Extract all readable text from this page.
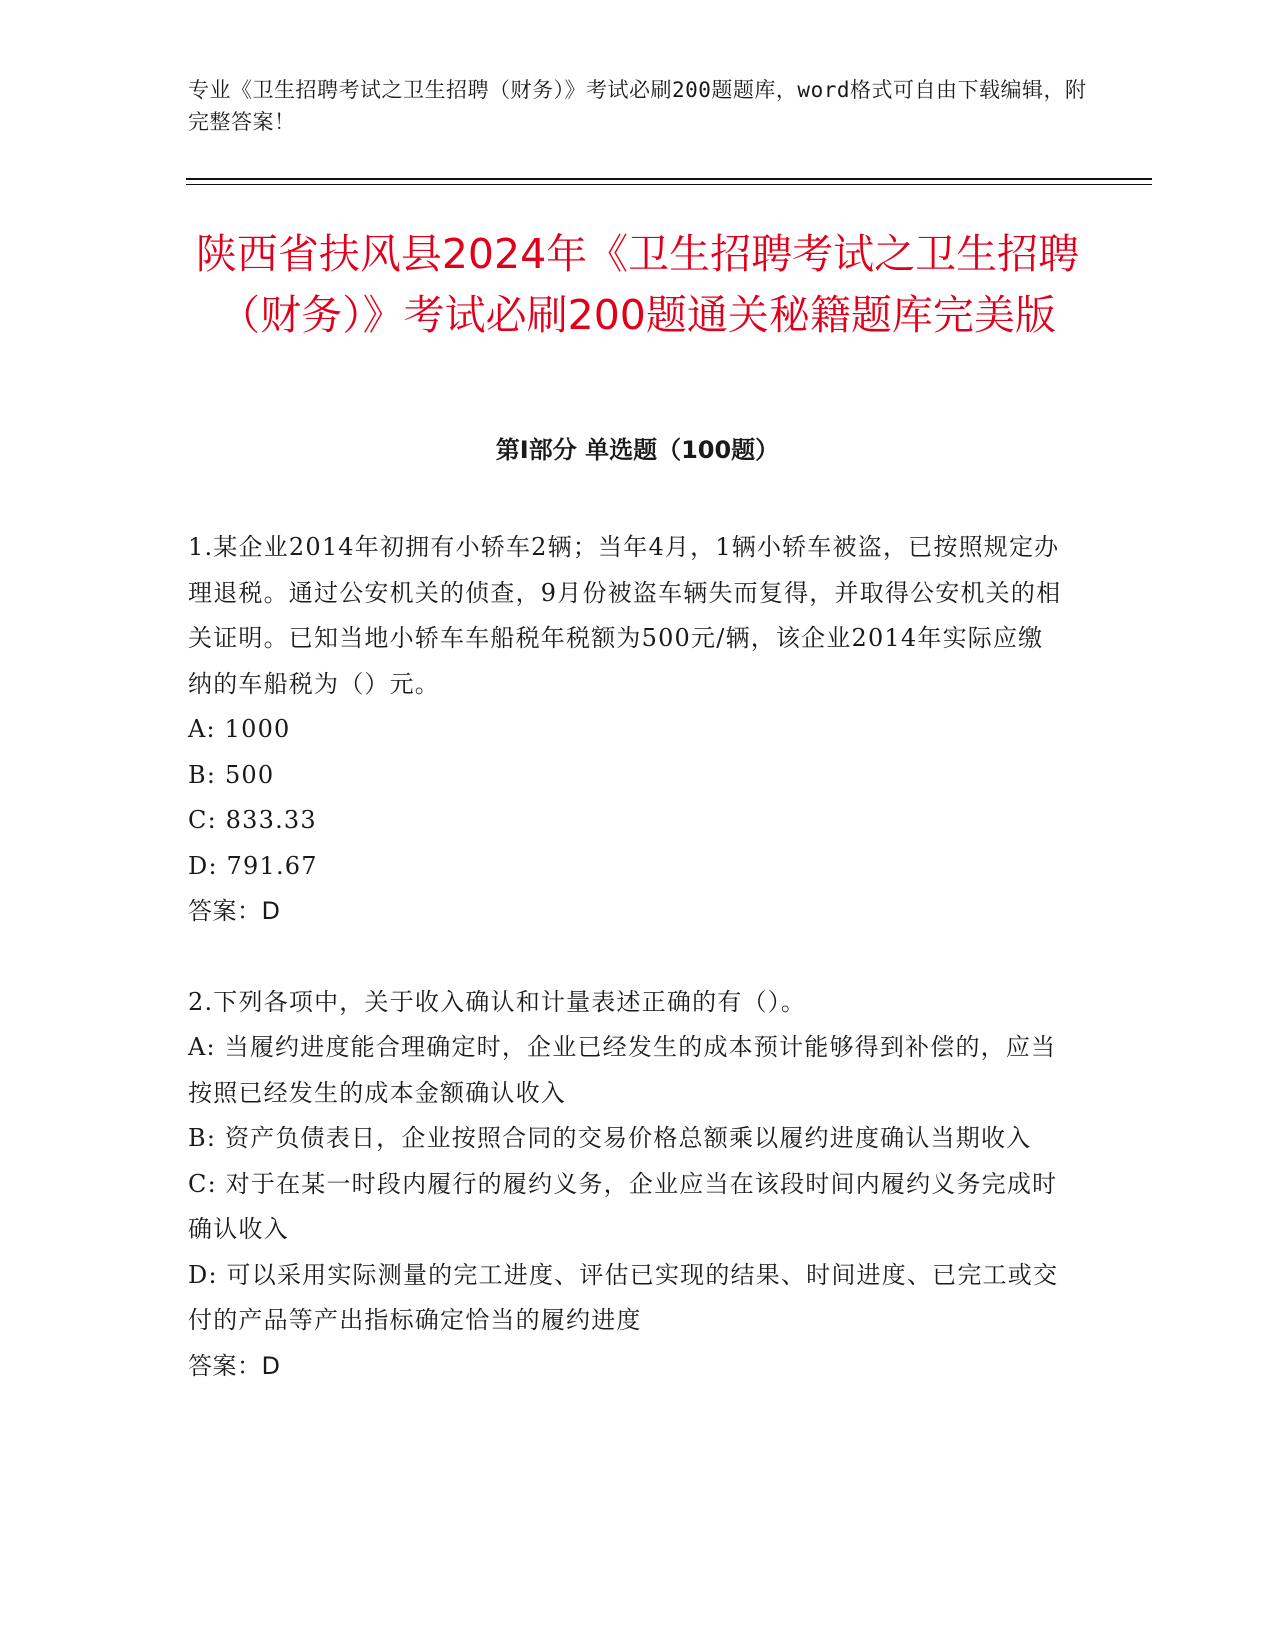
专业《卫生招聘考试之卫生招聘（财务）》考试必刷200题题库，word格式可自由下载编辑，附完整答案！
陕西省扶风县2024年《卫生招聘考试之卫生招聘（财务）》考试必刷200题通关秘籍题库完美版
第Ⅰ部分 单选题（100题）

1.某企业2014年初拥有小轿车2辆；当年4月，1辆小轿车被盗，已按照规定办理退税。通过公安机关的侦查，9月份被盗车辆失而复得，并取得公安机关的相关证明。已知当地小轿车车船税年税额为500元/辆，该企业2014年实际应缴纳的车船税为（）元。

A: 1000

B: 500

C: 833.33

D: 791.67

答案：D

2.下列各项中，关于收入确认和计量表述正确的有（）。

A: 当履约进度能合理确定时，企业已经发生的成本预计能够得到补偿的，应当按照已经发生的成本金额确认收入

B: 资产负债表日，企业按照合同的交易价格总额乘以履约进度确认当期收入

C: 对于在某一时段内履行的履约义务，企业应当在该段时间内履约义务完成时确认收入

D: 可以采用实际测量的完工进度、评估已实现的结果、时间进度、已完工或交付的产品等产出指标确定恰当的履约进度

答案：D
